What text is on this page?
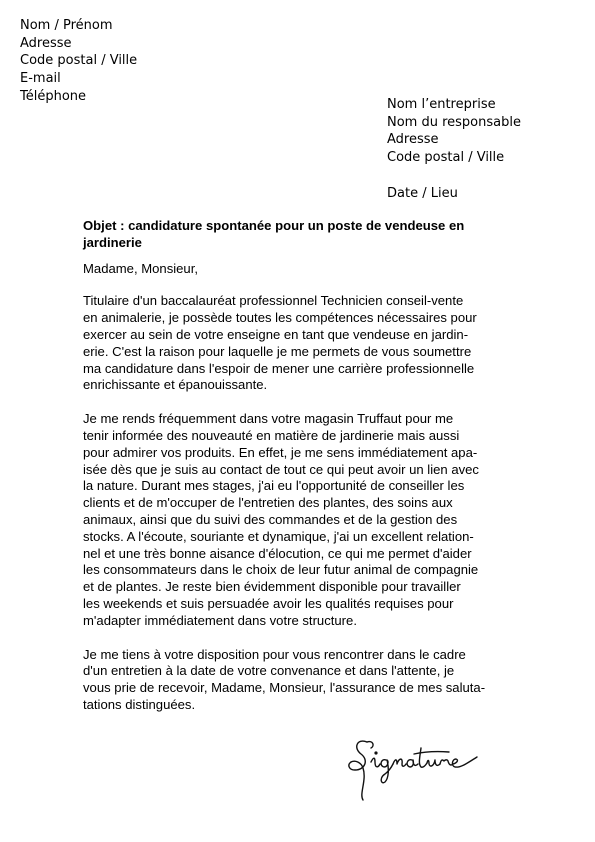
Nom / Prénom
Adresse
Code postal / Ville
E-mail
Téléphone
Nom l’entreprise
Nom du responsable
Adresse
Code postal / Ville
Date / Lieu
Objet : candidature spontanée pour un poste de vendeuse en
jardinerie
Madame, Monsieur,
Titulaire d'un baccalauréat professionnel Technicien conseil-vente
en animalerie, je possède toutes les compétences nécessaires pour
exercer au sein de votre enseigne en tant que vendeuse en jardin-
erie. C'est la raison pour laquelle je me permets de vous soumettre
ma candidature dans l'espoir de mener une carrière professionnelle
enrichissante et épanouissante.
Je me rends fréquemment dans votre magasin Truffaut pour me
tenir informée des nouveauté en matière de jardinerie mais aussi
pour admirer vos produits. En effet, je me sens immédiatement apa-
isée dès que je suis au contact de tout ce qui peut avoir un lien avec
la nature. Durant mes stages, j'ai eu l'opportunité de conseiller les
clients et de m'occuper de l'entretien des plantes, des soins aux
animaux, ainsi que du suivi des commandes et de la gestion des
stocks. A l'écoute, souriante et dynamique, j'ai un excellent relation-
nel et une très bonne aisance d'élocution, ce qui me permet d'aider
les consommateurs dans le choix de leur futur animal de compagnie
et de plantes. Je reste bien évidemment disponible pour travailler
les weekends et suis persuadée avoir les qualités requises pour
m'adapter immédiatement dans votre structure.
Je me tiens à votre disposition pour vous rencontrer dans le cadre
d'un entretien à la date de votre convenance et dans l'attente, je
vous prie de recevoir, Madame, Monsieur, l'assurance de mes saluta-
tations distinguées.
